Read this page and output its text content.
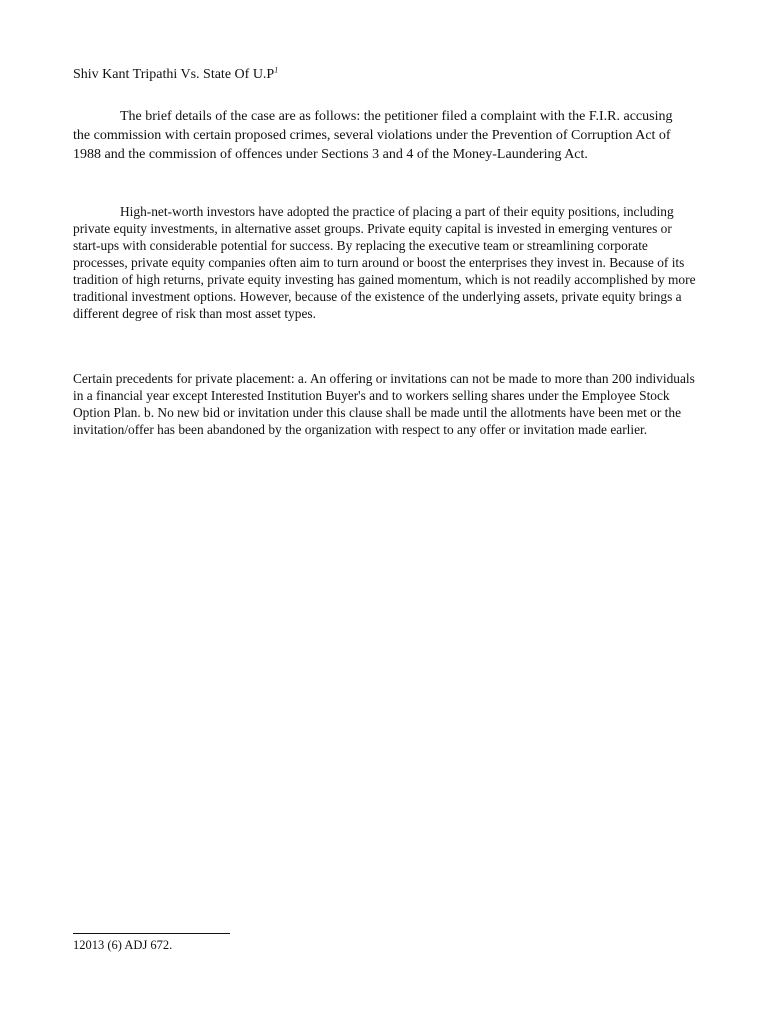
Shiv Kant Tripathi Vs. State Of $U.P^1$

The brief details of the case are as follows: the petitioner filed a complaint with the F.I.R. accusing the commission with certain proposed crimes, several violations under the Prevention of Corruption Act of 1988 and the commission of offences under Sections 3 and 4 of the Money-Laundering Act.

High-net-worth investors have adopted the practice of placing a part of their equity positions, including private equity investments, in alternative asset groups. Private equity capital is invested in emerging ventures or start-ups with considerable potential for success. By replacing the executive team or streamlining corporate processes, private equity companies often aim to turn around or boost the enterprises they invest in. Because of its tradition of high returns, private equity investing has gained momentum, which is not readily accomplished by more traditional investment options. However, because of the existence of the underlying assets, private equity brings a different degree of risk than most asset types.

Certain precedents for private placement: a. An offering or invitations can not be made to more than 200 individuals in a financial year except Interested Institution Buyer's and to workers selling shares under the Employee Stock Option Plan. b. No new bid or invitation under this clause shall be made until the allotments have been met or the invitation/offer has been abandoned by the organization with respect to any offer or invitation made earlier.

12013 (6) ADJ 672.
